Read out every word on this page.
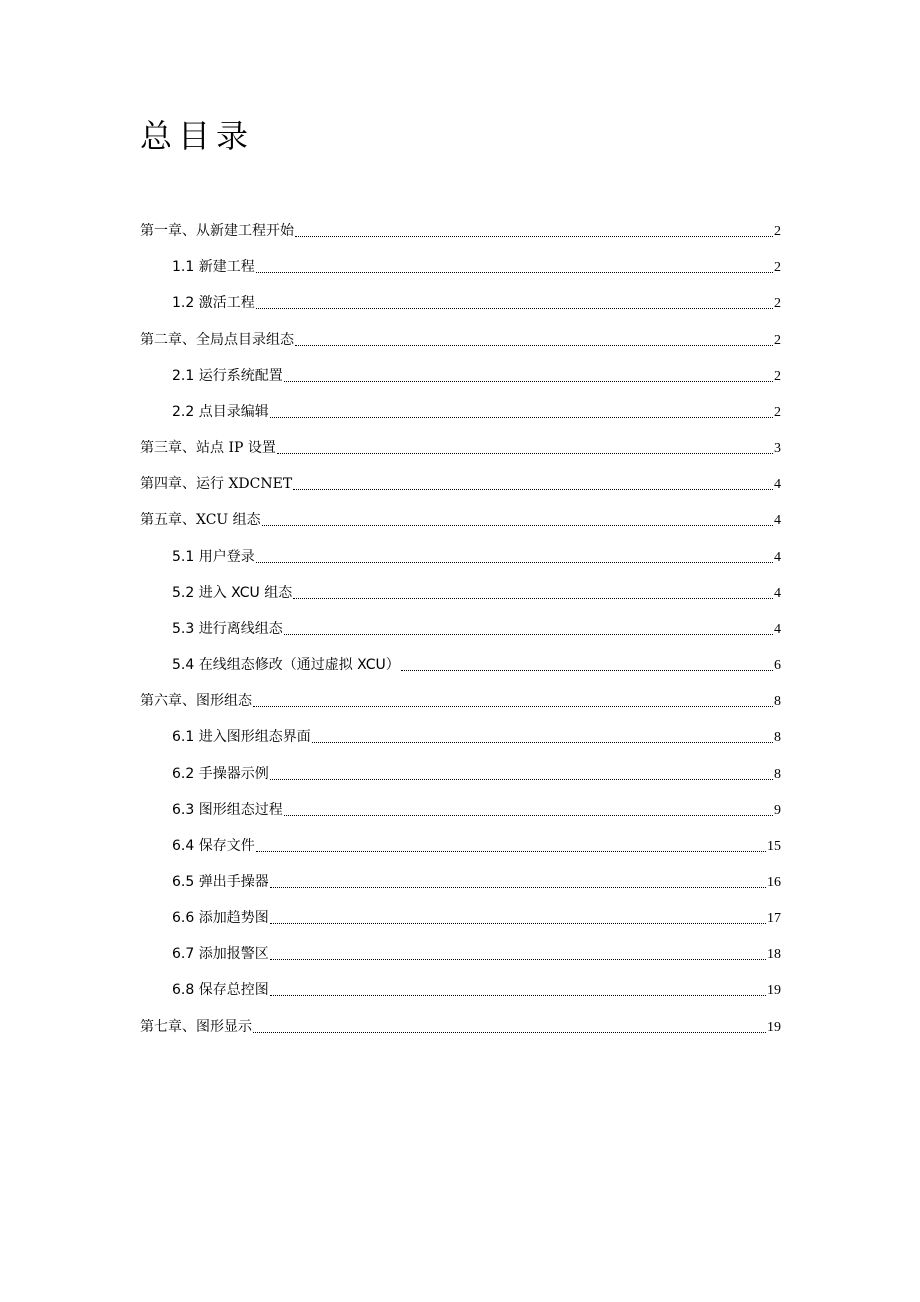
总目录
第一章、从新建工程开始	2
1.1 新建工程	2
1.2 激活工程	2
第二章、全局点目录组态	2
2.1 运行系统配置	2
2.2 点目录编辑	2
第三章、站点 IP 设置	3
第四章、运行 XDCNET	4
第五章、XCU 组态	4
5.1 用户登录	4
5.2 进入 XCU 组态	4
5.3 进行离线组态	4
5.4 在线组态修改（通过虚拟 XCU）	6
第六章、图形组态	8
6.1 进入图形组态界面	8
6.2 手操器示例	8
6.3 图形组态过程	9
6.4 保存文件	15
6.5 弹出手操器	16
6.6 添加趋势图	17
6.7 添加报警区	18
6.8 保存总控图	19
第七章、图形显示	19
